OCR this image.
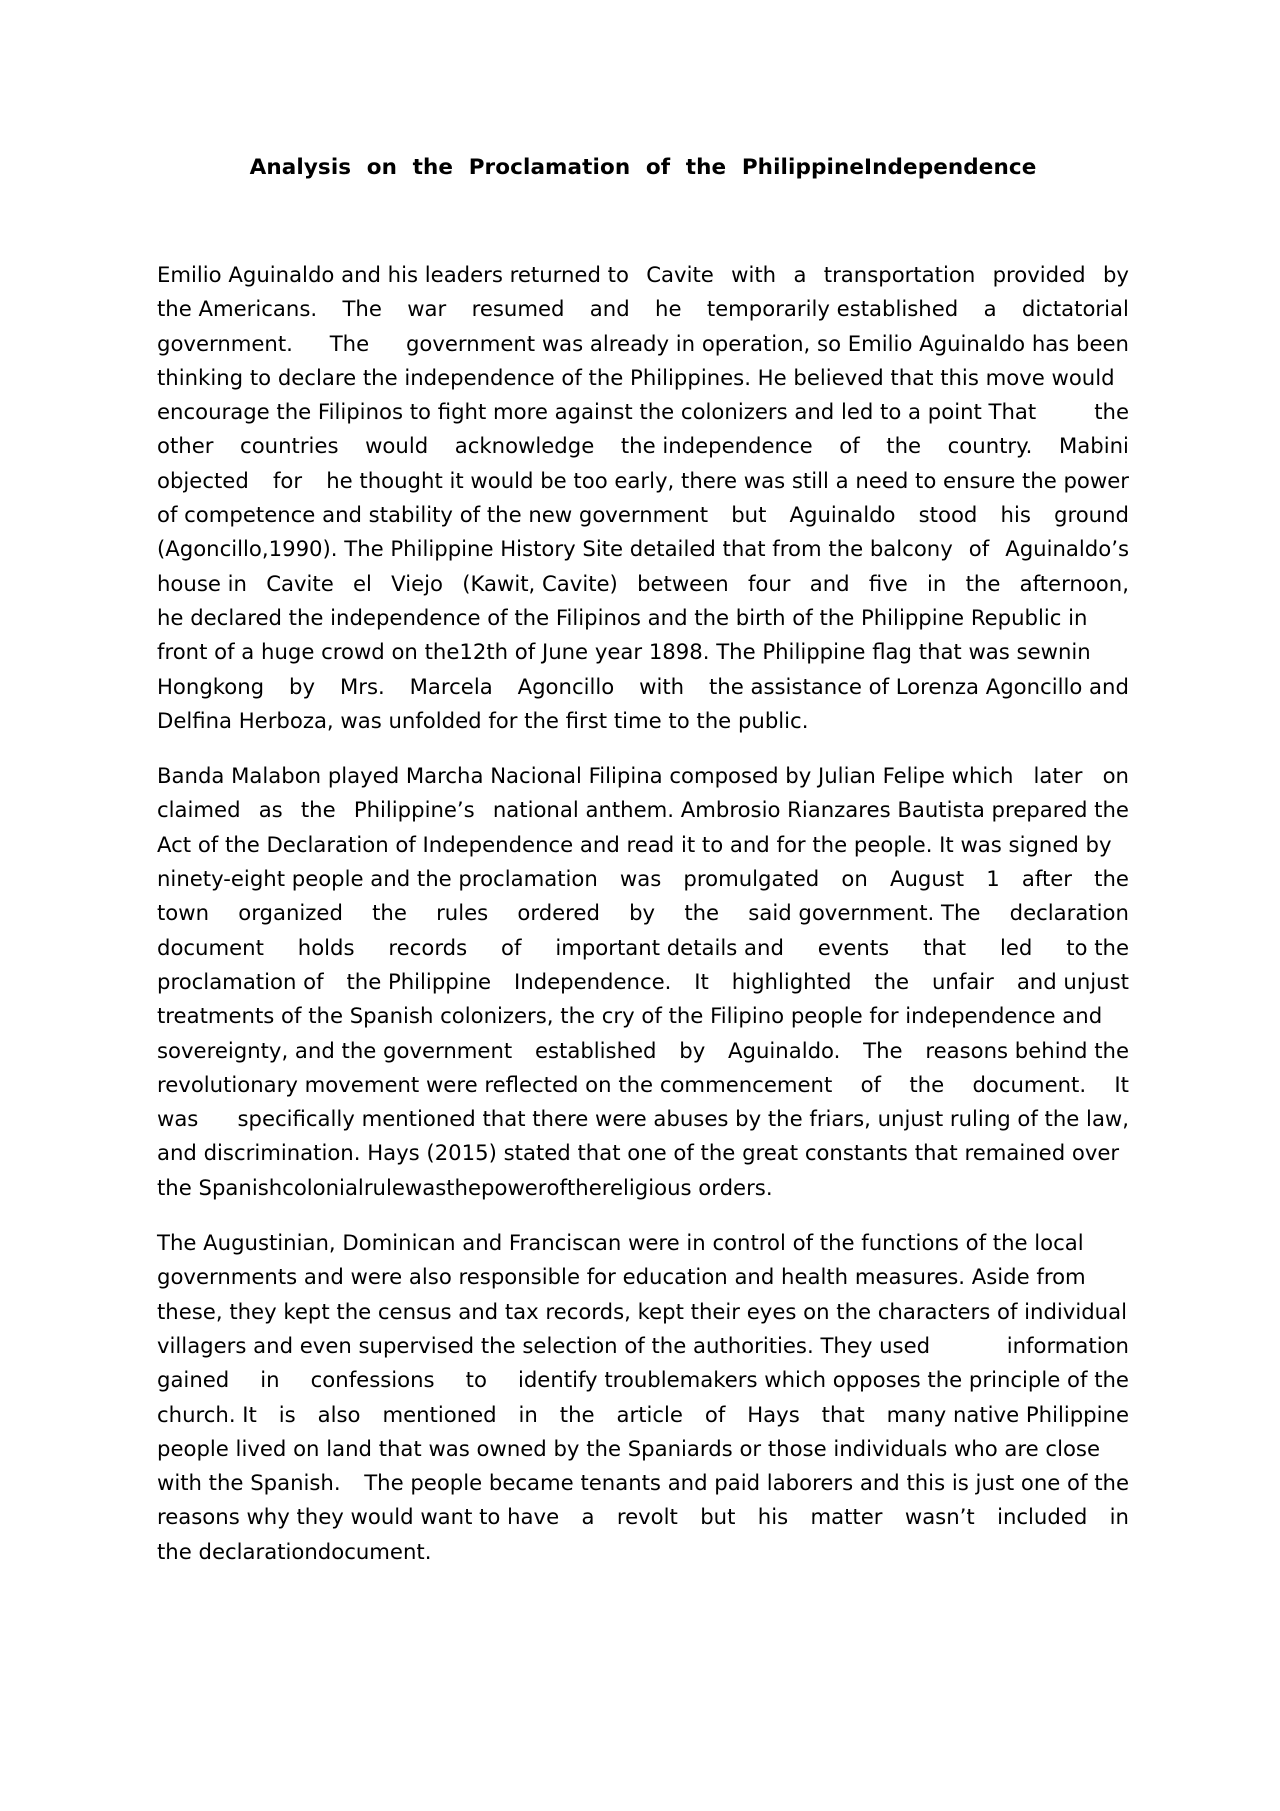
Analysis on the Proclamation of the PhilippineIndependence

Emilio Aguinaldo and his leaders returned to Cavite with a transportation provided by
the Americans. The war resumed and he temporarily established a dictatorial
government. The government was already in operation, so Emilio Aguinaldo has been
thinking to declare the independence of the Philippines. He believed that this move would
encourage the Filipinos to fight more against the colonizers and led to a point That	the
other countries would acknowledge the independence of the country. Mabini
objected for he thought it would be too early, there was still a need to ensure the power
of competence and stability of the new government but Aguinaldo stood his ground
(Agoncillo,1990). The Philippine History Site detailed that from the balcony of Aguinaldo’s
house in Cavite el Viejo (Kawit, Cavite) between four and five in the afternoon,
he declared the independence of the Filipinos and the birth of the Philippine Republic in
front of a huge crowd on the12th of June year 1898. The Philippine flag that was sewnin
Hongkong by Mrs. Marcela Agoncillo with the assistance of Lorenza Agoncillo and
Delfina Herboza, was unfolded for the first time to the public.

Banda Malabon played Marcha Nacional Filipina composed by Julian Felipe which later on
claimed as the Philippine’s national anthem. Ambrosio Rianzares Bautista prepared the
Act of the Declaration of Independence and read it to and for the people. It was signed by
ninety-eight people and the proclamation was promulgated on August 1 after the
town organized the rules ordered by the said government. The declaration
document holds records of important details and events that led to the
proclamation of the Philippine Independence. It highlighted the unfair and unjust
treatments of the Spanish colonizers, the cry of the Filipino people for independence and
sovereignty, and the government established by Aguinaldo. The reasons behind the
revolutionary movement were reflected on the commencement of the document. It
was specifically mentioned that there were abuses by the friars, unjust ruling of the law,
and discrimination. Hays (2015) stated that one of the great constants that remained over
the Spanish colonial rule was the power of the religious orders.

The Augustinian, Dominican and Franciscan were in control of the functions of the local
governments and were also responsible for education and health measures. Aside from
these, they kept the census and tax records, kept their eyes on the characters of individual
villagers and even supervised the selection of the authorities. They used	information
gained in confessions to identify troublemakers which opposes the principle of the
church. It is also mentioned in the article of Hays that many native Philippine
people lived on land that was owned by the Spaniards or those individuals who are close
with the Spanish. The people became tenants and paid laborers and this is just one of the
reasons why they would want to have a revolt but his matter wasn’t included in
the declaration document.
